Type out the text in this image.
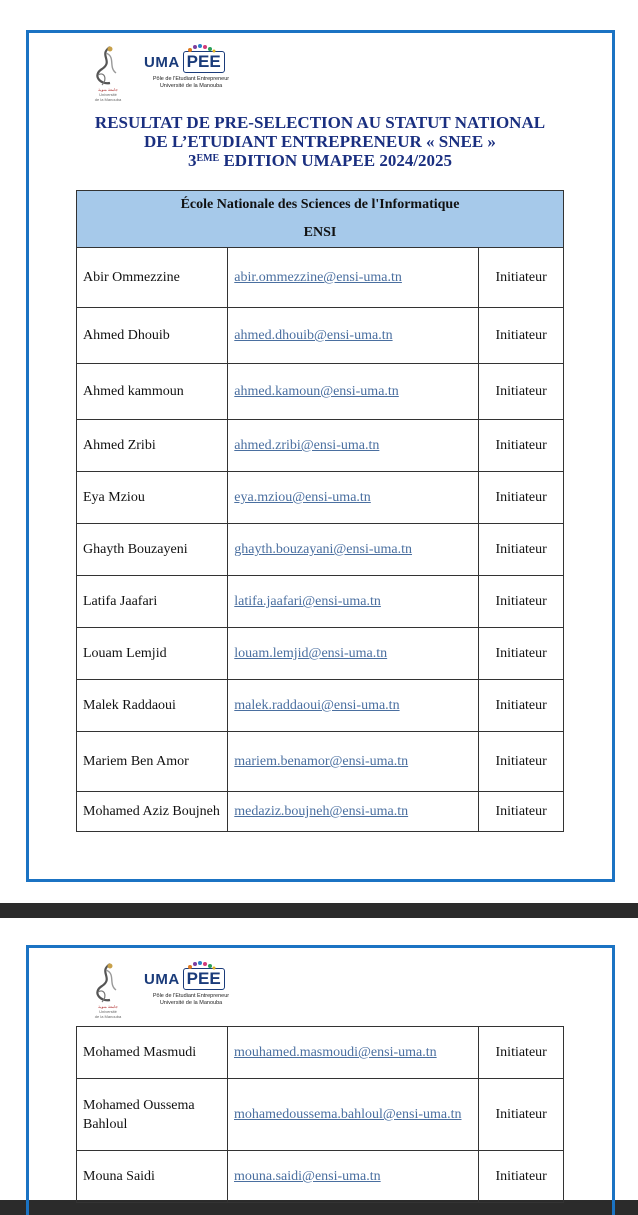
جامعة منوبة
Université
de la Manouba
UMA PEE
Pôle de l'Etudiant Entrepreneur
Université de la Manouba
RESULTAT DE PRE-SELECTION AU STATUT NATIONAL
DE L’ETUDIANT ENTREPRENEUR « SNEE »
3EME EDITION UMAPEE 2024/2025
École Nationale des Sciences de l'Informatique
ENSI		

Abir Ommezzine	abir.ommezzine@ensi-uma.tn	Initiateur
Ahmed Dhouib	ahmed.dhouib@ensi-uma.tn	Initiateur
Ahmed kammoun	ahmed.kamoun@ensi-uma.tn	Initiateur
Ahmed Zribi	ahmed.zribi@ensi-uma.tn	Initiateur
Eya Mziou	eya.mziou@ensi-uma.tn	Initiateur
Ghayth Bouzayeni	ghayth.bouzayani@ensi-uma.tn	Initiateur
Latifa Jaafari	latifa.jaafari@ensi-uma.tn	Initiateur
Louam Lemjid	louam.lemjid@ensi-uma.tn	Initiateur
Malek Raddaoui	malek.raddaoui@ensi-uma.tn	Initiateur
Mariem Ben Amor	mariem.benamor@ensi-uma.tn	Initiateur
Mohamed Aziz Boujneh	medaziz.boujneh@ensi-uma.tn	Initiateur
جامعة منوبة
Université
de la Manouba
UMA PEE
Pôle de l'Etudiant Entrepreneur
Université de la Manouba
Mohamed Masmudi	mouhamed.masmoudi@ensi-uma.tn	Initiateur
Mohamed Oussema Bahloul	mohamedoussema.bahloul@ensi-uma.tn	Initiateur
Mouna Saidi	mouna.saidi@ensi-uma.tn	Initiateur
